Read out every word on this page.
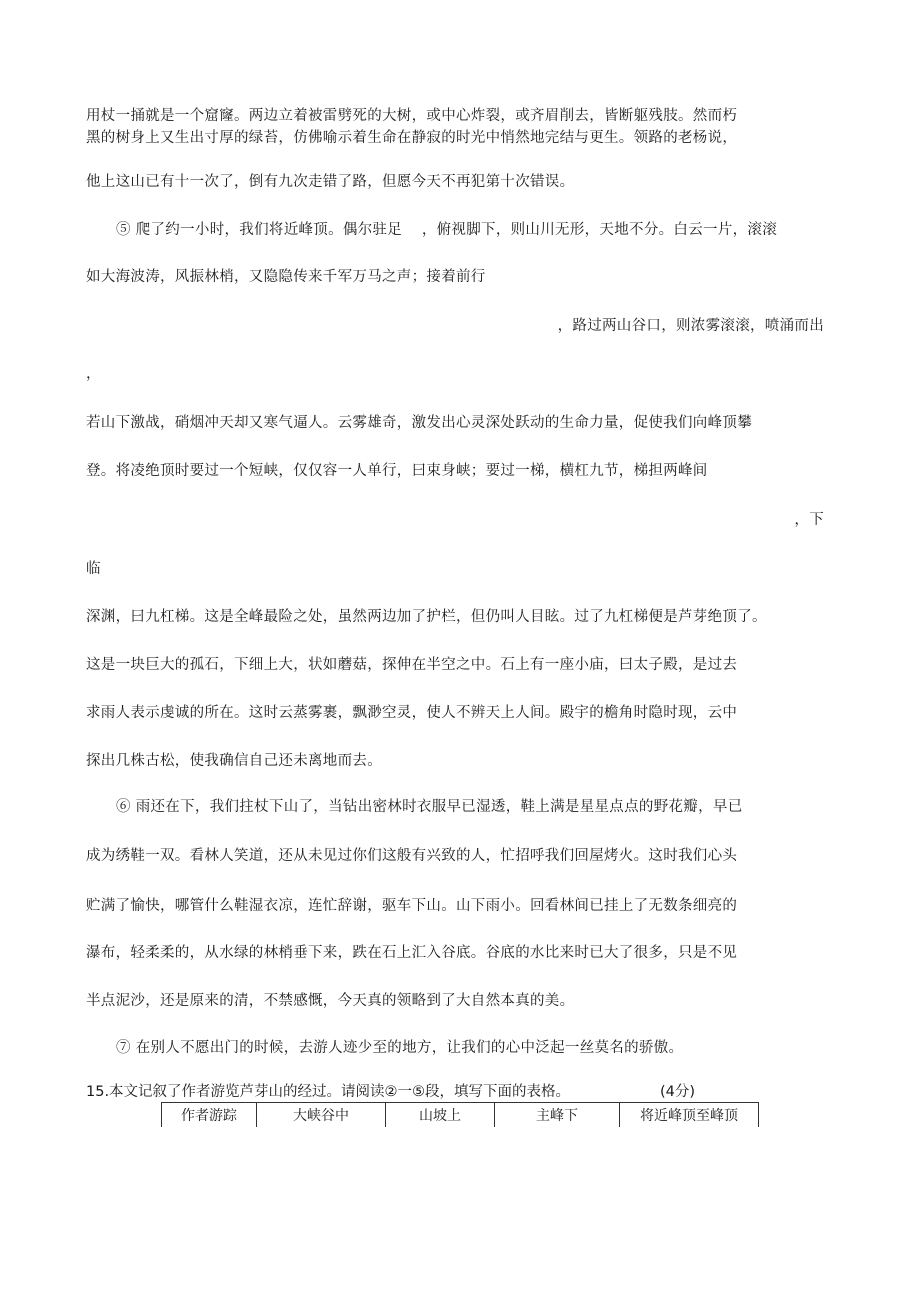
用杖一捅就是一个窟窿。两边立着被雷劈死的大树，或中心炸裂，或齐眉削去，皆断躯残肢。然而朽
黑的树身上又生出寸厚的绿苔，仿佛喻示着生命在静寂的时光中悄然地完结与更生。领路的老杨说，
他上这山已有十一次了，倒有九次走错了路，但愿今天不再犯第十次错误。
⑤ 爬了约一小时，我们将近峰顶。偶尔驻足　 ，俯视脚下，则山川无形，天地不分。白云一片，滚滚
如大海波涛，风振林梢，又隐隐传来千军万马之声；接着前行
，路过两山谷口，则浓雾滚滚，喷涌而出
，
若山下激战，硝烟冲天却又寒气逼人。云雾雄奇，激发出心灵深处跃动的生命力量，促使我们向峰顶攀
登。将凌绝顶时要过一个短峡，仅仅容一人单行，曰束身峡；要过一梯，横杠九节，梯担两峰间
，下
临
深渊，曰九杠梯。这是全峰最险之处，虽然两边加了护栏，但仍叫人目眩。过了九杠梯便是芦芽绝顶了。
这是一块巨大的孤石，下细上大，状如蘑菇，探伸在半空之中。石上有一座小庙，曰太子殿，是过去
求雨人表示虔诚的所在。这时云蒸雾裹，飘渺空灵，使人不辨天上人间。殿宇的檐角时隐时现，云中
探出几株古松，使我确信自己还未离地而去。
⑥ 雨还在下，我们拄杖下山了，当钻出密林时衣服早已湿透，鞋上满是星星点点的野花瓣，早已
成为绣鞋一双。看林人笑道，还从未见过你们这般有兴致的人，忙招呼我们回屋烤火。这时我们心头
贮满了愉快，哪管什么鞋湿衣凉，连忙辞谢，驱车下山。山下雨小。回看林间已挂上了无数条细亮的
瀑布，轻柔柔的，从水绿的林梢垂下来，跌在石上汇入谷底。谷底的水比来时已大了很多，只是不见
半点泥沙，还是原来的清，不禁感慨，今天真的领略到了大自然本真的美。
⑦ 在别人不愿出门的时候，去游人迹少至的地方，让我们的心中泛起一丝莫名的骄傲。
15.本文记叙了作者游览芦芽山的经过。请阅读②一⑤段，填写下面的表格。	(4分)
作者游踪	大峡谷中	山坡上	主峰下	将近峰顶至峰顶
